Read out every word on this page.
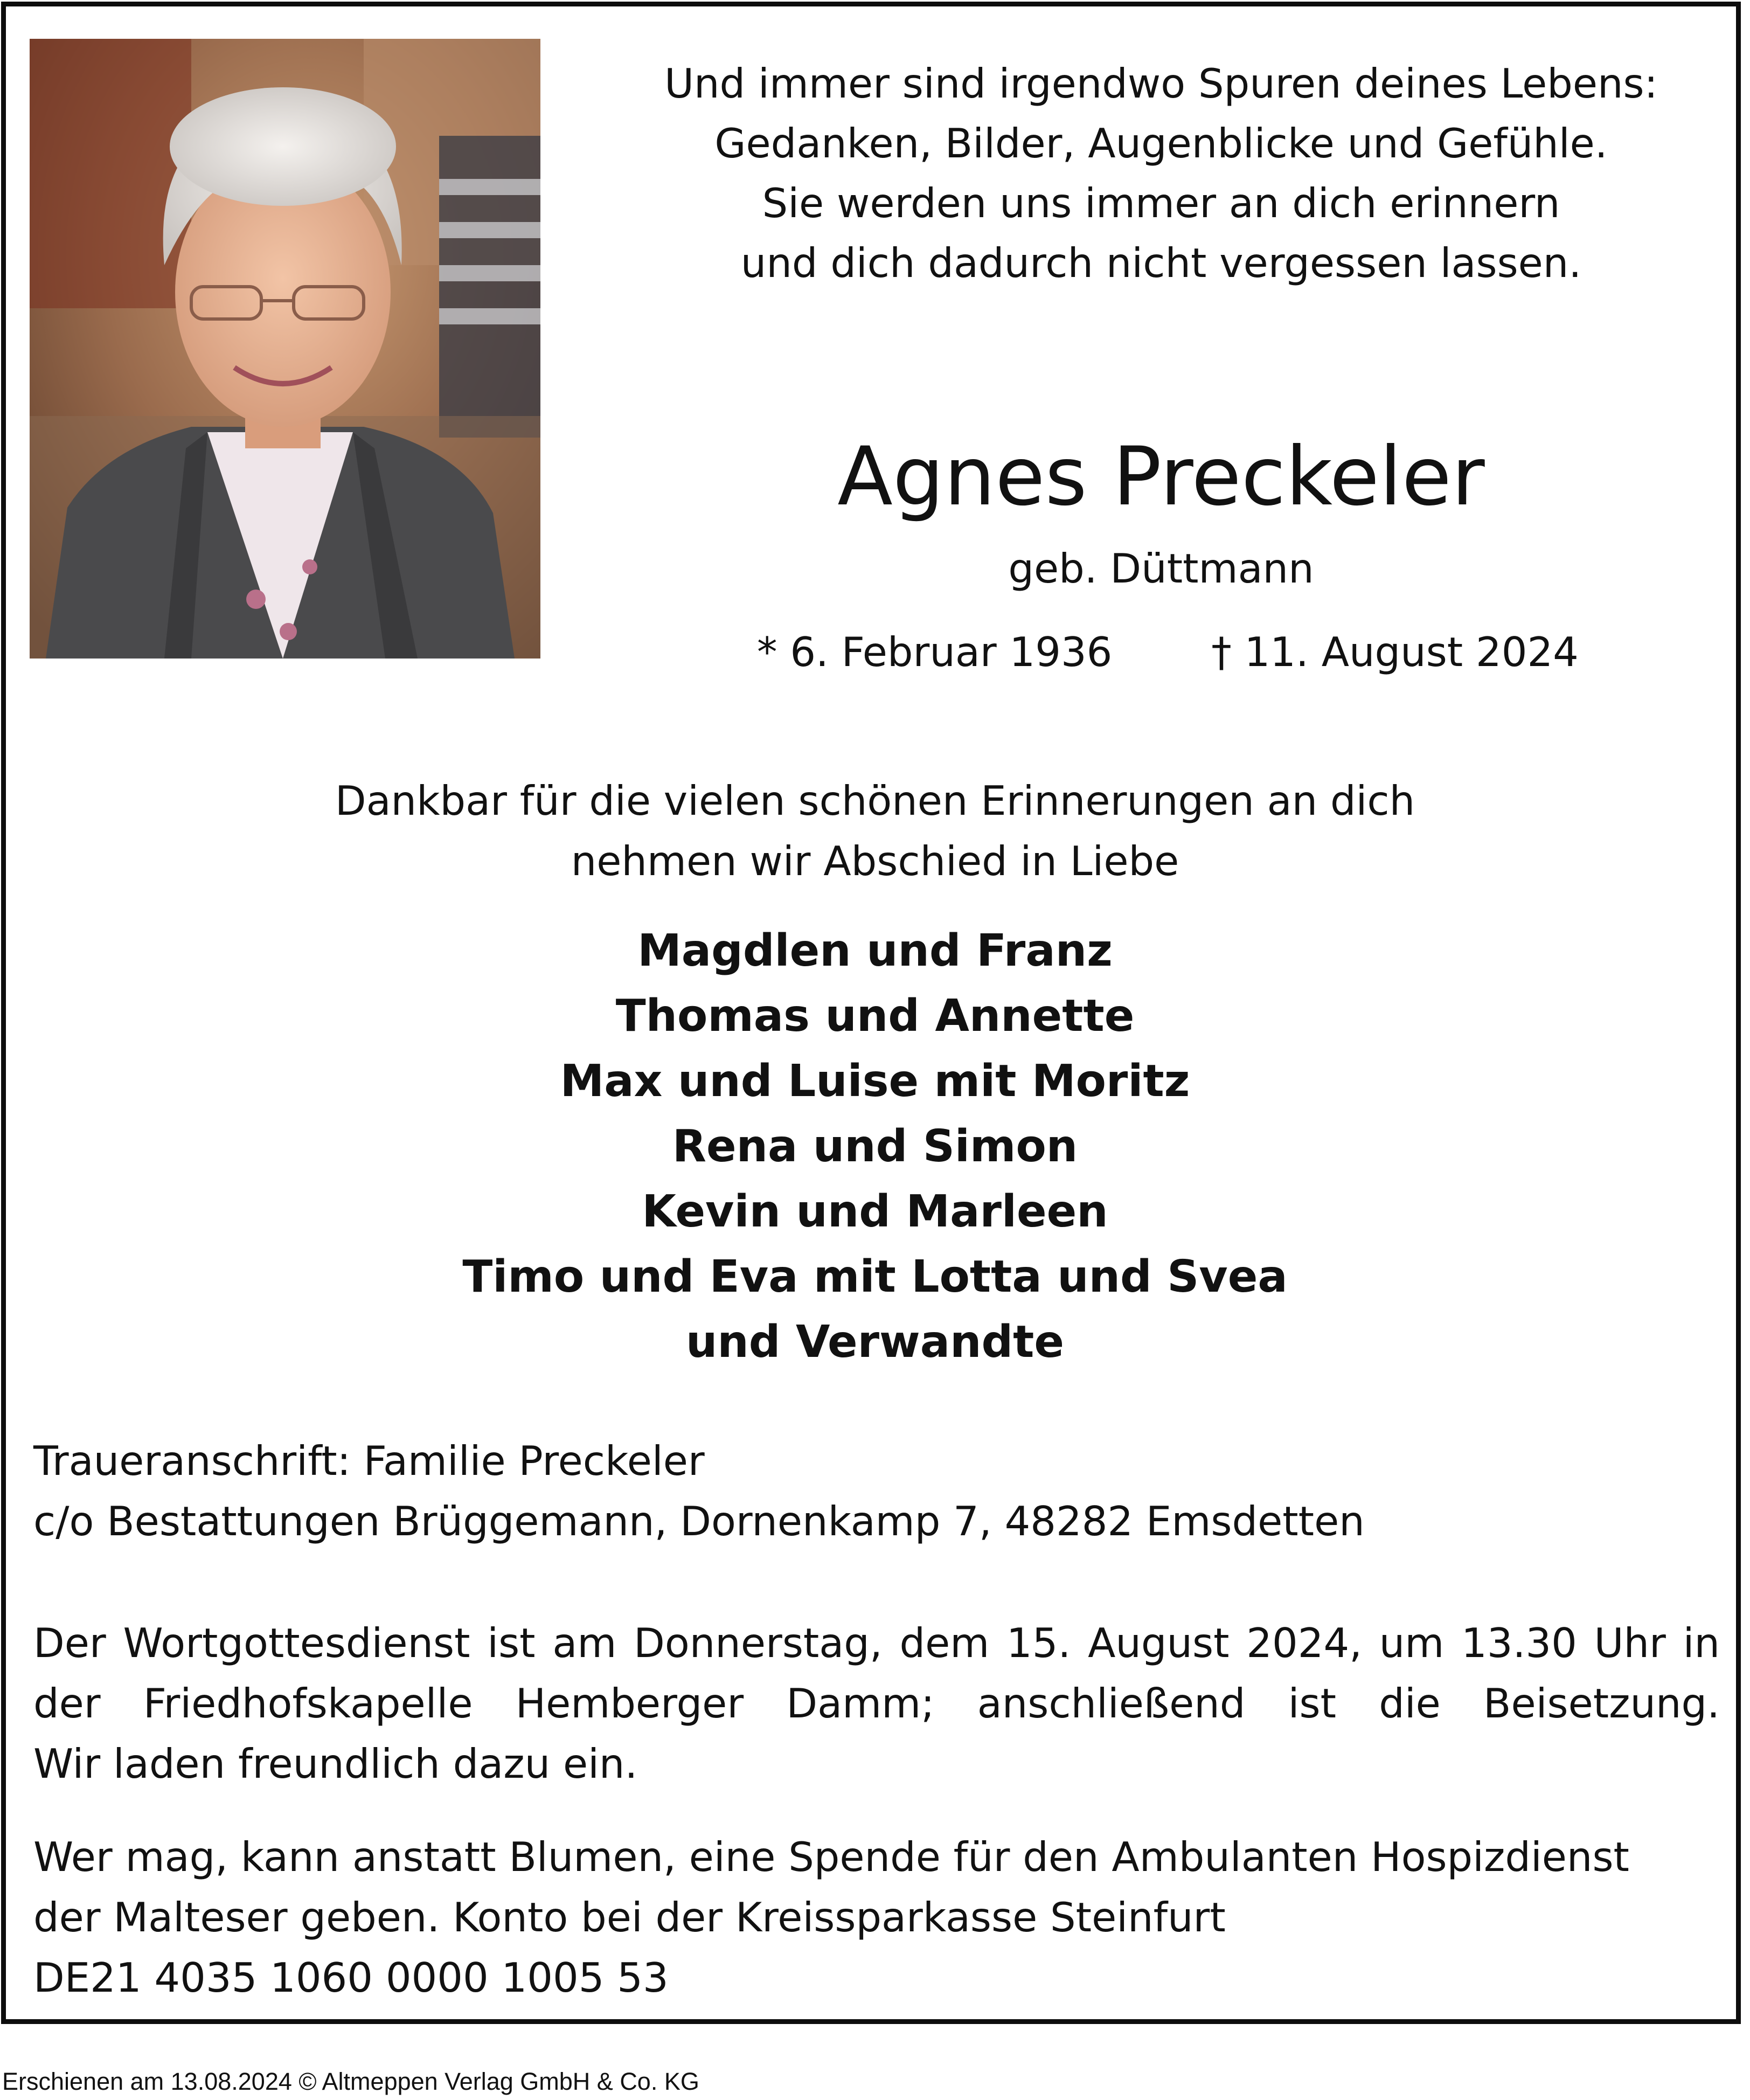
Und immer sind irgendwo Spuren deines Lebens:
Gedanken, Bilder, Augenblicke und Gefühle.
Sie werden uns immer an dich erinnern
und dich dadurch nicht vergessen lassen.
Agnes Preckeler
geb. Düttmann
* 6. Februar 1936 † 11. August 2024
Dankbar für die vielen schönen Erinnerungen an dich
nehmen wir Abschied in Liebe
Magdlen und Franz
Thomas und Annette
Max und Luise mit Moritz
Rena und Simon
Kevin und Marleen
Timo und Eva mit Lotta und Svea
und Verwandte
Traueranschrift: Familie Preckeler
c/o Bestattungen Brüggemann, Dornenkamp 7, 48282 Emsdetten
Der Wortgottesdienst ist am Donnerstag, dem 15. August 2024, um 13.30 Uhr in
der Friedhofskapelle Hemberger Damm; anschließend ist die Beisetzung.
Wir laden freundlich dazu ein.
Wer mag, kann anstatt Blumen, eine Spende für den Ambulanten Hospizdienst
der Malteser geben. Konto bei der Kreissparkasse Steinfurt
DE21 4035 1060 0000 1005 53
Erschienen am 13.08.2024 © Altmeppen Verlag GmbH & Co. KG
